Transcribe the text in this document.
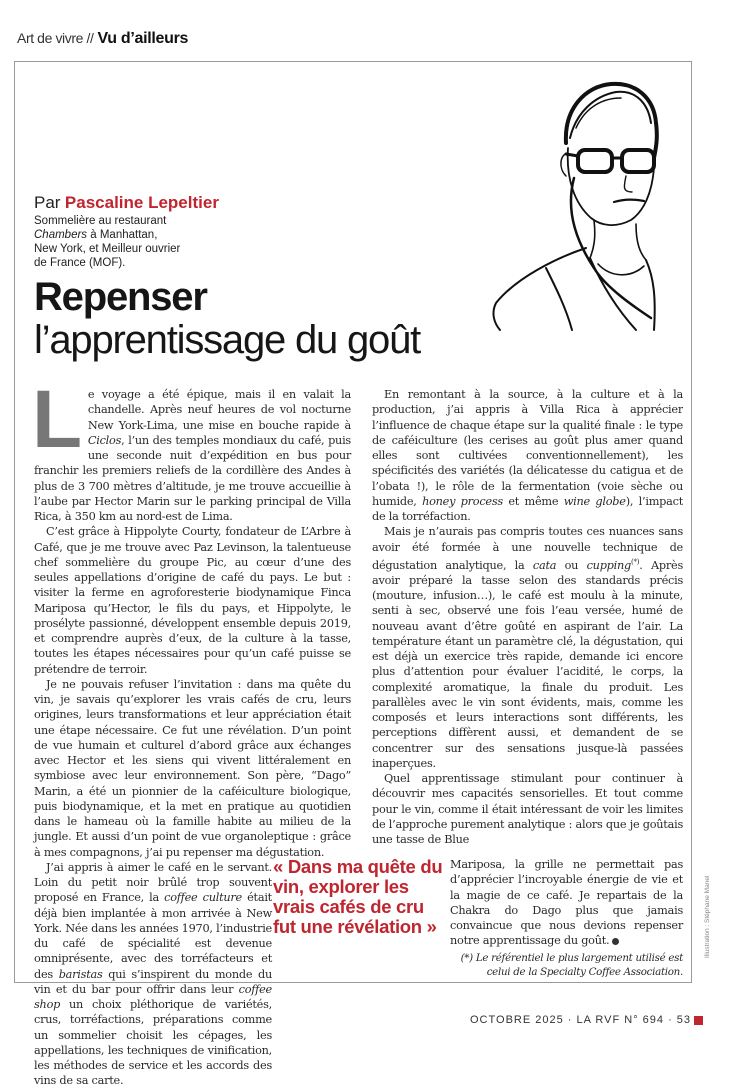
Art de vivre // Vu d’ailleurs
Par Pascaline Lepeltier
Sommelière au restaurant
Chambers à Manhattan,
New York, et Meilleur ouvrier
de France (MOF).
Repenser
l’apprentissage du goût

Le voyage a été épique, mais il en valait la chandelle. Après neuf heures de vol nocturne New York-Lima, une mise en bouche rapide à Ciclos, l’un des temples mondiaux du café, puis une seconde nuit d’expédition en bus pour franchir les premiers reliefs de la cordillère des Andes à plus de 3 700 mètres d’altitude, je me trouve accueillie à l’aube par Hector Marin sur le parking principal de Villa Rica, à 350 km au nord-est de Lima.

C’est grâce à Hippolyte Courty, fondateur de L’Arbre à Café, que je me trouve avec Paz Levinson, la talentueuse chef sommelière du groupe Pic, au cœur d’une des seules appellations d’origine de café du pays. Le but : visiter la ferme en agroforesterie biodynamique Finca Mariposa qu’Hector, le fils du pays, et Hippolyte, le prosélyte passionné, développent ensemble depuis 2019, et comprendre auprès d’eux, de la culture à la tasse, toutes les étapes nécessaires pour qu’un café puisse se prétendre de terroir.

Je ne pouvais refuser l’invitation : dans ma quête du vin, je savais qu’explorer les vrais cafés de cru, leurs origines, leurs transformations et leur appréciation était une étape nécessaire. Ce fut une révélation. D’un point de vue humain et culturel d’abord grâce aux échanges avec Hector et les siens qui vivent littéralement en symbiose avec leur environnement. Son père, “Dago” Marin, a été un pionnier de la caféiculture biologique, puis biodynamique, et la met en pratique au quotidien dans le hameau où la famille habite au milieu de la jungle. Et aussi d’un point de vue organoleptique : grâce à mes compagnons, j’ai pu repenser ma dégustation.

J’ai appris à aimer le café en le servant. Loin du petit noir brûlé trop souvent proposé en France, la coffee culture était déjà bien implantée à mon arrivée à New York. Née dans les années 1970, l’industrie du café de spécialité est devenue omniprésente, avec des torréfacteurs et des baristas qui s’inspirent du monde du vin et du bar pour offrir dans leur coffee shop un choix pléthorique de variétés, crus, torréfactions, préparations comme un sommelier choisit les cépages, les appellations, les techniques de vinification, les méthodes de service et les accords des vins de sa carte.

En remontant à la source, à la culture et à la production, j’ai appris à Villa Rica à apprécier l’influence de chaque étape sur la qualité finale : le type de caféiculture (les cerises au goût plus amer quand elles sont cultivées conventionnellement), les spécificités des variétés (la délicatesse du catigua et de l’obata !), le rôle de la fermentation (voie sèche ou humide, honey process et même wine globe), l’impact de la torréfaction.

Mais je n’aurais pas compris toutes ces nuances sans avoir été formée à une nouvelle technique de dégustation analytique, la cata ou cupping(*). Après avoir préparé la tasse selon des standards précis (mouture, infusion…), le café est moulu à la minute, senti à sec, observé une fois l’eau versée, humé de nouveau avant d’être goûté en aspirant de l’air. La température étant un paramètre clé, la dégustation, qui est déjà un exercice très rapide, demande ici encore plus d’attention pour évaluer l’acidité, le corps, la complexité aromatique, la finale du produit. Les parallèles avec le vin sont évidents, mais, comme les composés et leurs interactions sont différents, les perceptions diffèrent aussi, et demandent de se concentrer sur des sensations jusque-là passées inaperçues.

Quel apprentissage stimulant pour continuer à découvrir mes capacités sensorielles. Et tout comme pour le vin, comme il était intéressant de voir les limites de l’approche purement analytique : alors que je goûtais une tasse de Blue

« Dans ma quête du vin, explorer les vrais cafés de cru fut une révélation »

Mariposa, la grille ne permettait pas d’apprécier l’incroyable énergie de vie et la magie de ce café. Je repartais de la Chakra do Dago plus que jamais convaincue que nous devions repenser notre apprentissage du goût.

(*) Le référentiel le plus largement utilisé est
celui de la Specialty Coffee Association.
Illustration : Stéphane Manel
OCTOBRE 2025 · LA RVF N° 694 · 53
